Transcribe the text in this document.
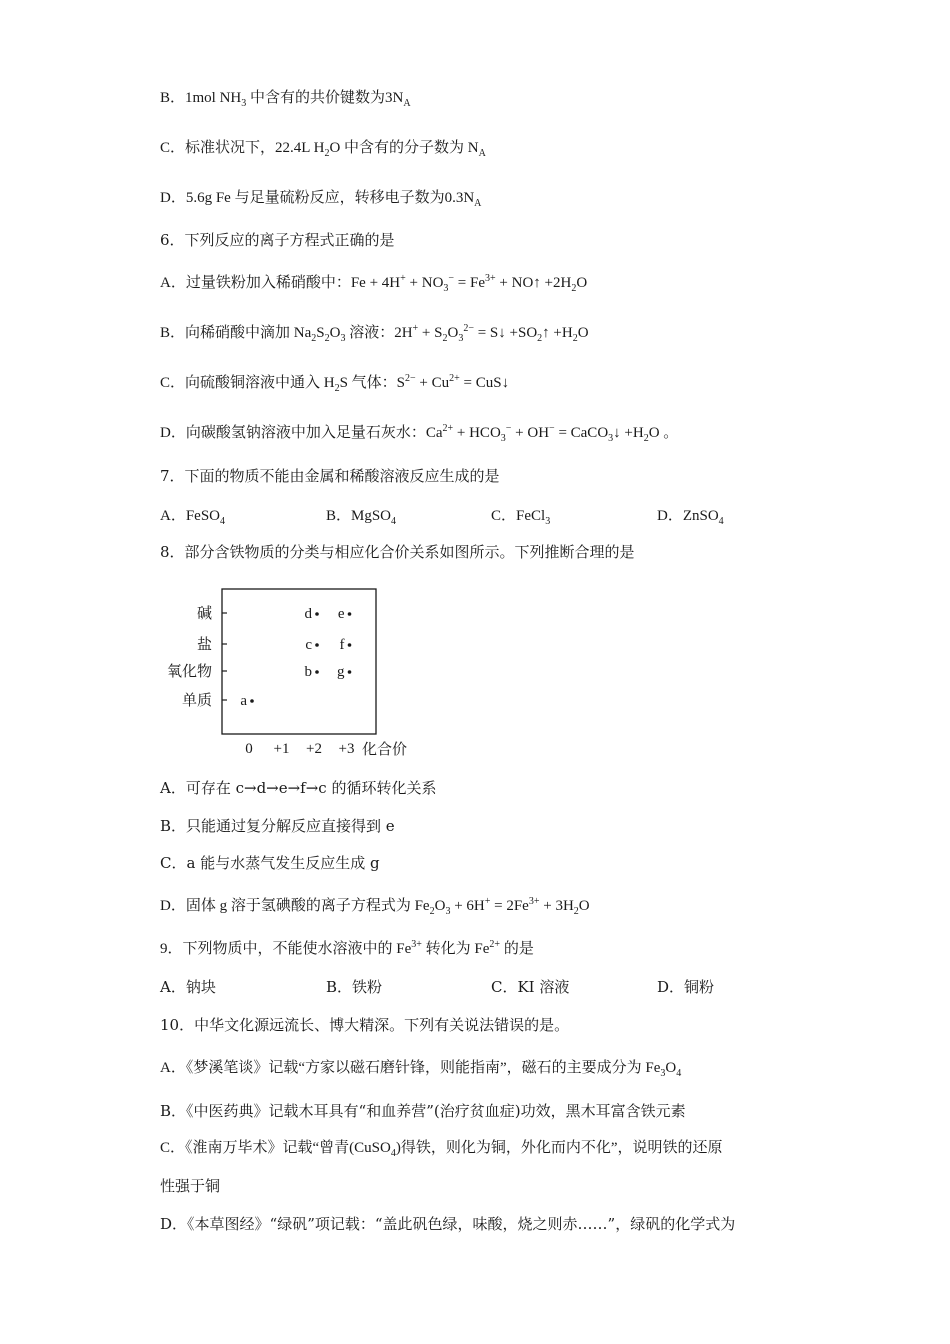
B．1mol $NH_3$ 中含有的共价键数为$3N_A$
C．标准状况下，22.4L $H_2O$ 中含有的分子数为 $N_A$
D．5.6g Fe 与足量硫粉反应，转移电子数为$0.3N_A$
6．下列反应的离子方程式正确的是
A．过量铁粉加入稀硝酸中：$Fe + 4H^+ + NO_3^- = Fe^{3+}$ + NO↑ $+2H_2O$
B．向稀硝酸中滴加 $Na_2S_2O_3$ 溶液：$2H^+ + S_2O_3^{2-}$ = S↓ $+SO_2↑ +H_2O$
C．向硫酸铜溶液中通入 $H_2S$ 气体：$S^{2-} + Cu^{2+}$ = CuS↓
D．向碳酸氢钠溶液中加入足量石灰水：$Ca^{2+} + HCO_3^- + OH^-$ = CaCO$_3$↓ $+H_2O$ 。
7．下面的物质不能由金属和稀酸溶液反应生成的是
A．FeSO$_4$	B．MgSO$_4$	C．FeCl$_3$	D．ZnSO$_4$
8．部分含铁物质的分类与相应化合价关系如图所示。下列推断合理的是
单质
氧化物
盐
碱
0 +1 +2 +3
a
b g
c f
d e
化合价
A．可存在 c→d→e→f→c 的循环转化关系
B．只能通过复分解反应直接得到 e
C．a 能与水蒸气发生反应生成 g
D．固体 g 溶于氢碘酸的离子方程式为 $Fe_2O_3 + 6H^+ = 2Fe^{3+} + 3H_2O$
9．下列物质中，不能使水溶液中的 $Fe^{3+}$ 转化为 $Fe^{2+}$ 的是
A．钠块	B．铁粉	C．KI 溶液	D．铜粉
10．中华文化源远流长、博大精深。下列有关说法错误的是。
A．《梦溪笔谈》记载“方家以磁石磨针锋，则能指南”，磁石的主要成分为 $Fe_3O_4$
B．《中医药典》记载木耳具有“和血养营”(治疗贫血症)功效，黑木耳富含铁元素
C．《淮南万毕术》记载“曾青(CuSO$_4$)得铁，则化为铜，外化而内不化”，说明铁的还原
性强于铜
D．《本草图经》“绿矾”项记载：“盖此矾色绿，味酸，烧之则赤……”，绿矾的化学式为
